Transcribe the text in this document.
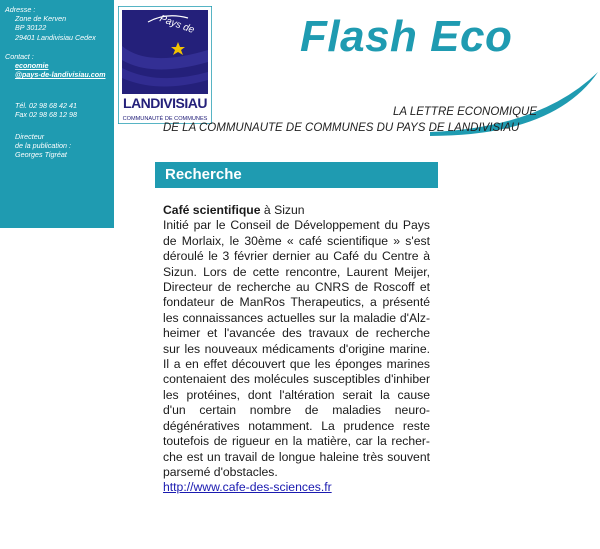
Adresse :
Zone de Kerven
BP 30122
29401 Landivisiau Cedex
Contact :
economie
@pays-de-landivisiau.com
Tél. 02 98 68 42 41
Fax 02 98 68 12 98
Directeur
de la publication :
Georges Tigréat
Pays de
LANDIVISIAU
COMMUNAUTÉ DE COMMUNES
Flash Eco
LA LETTRE ECONOMIQUE
DE LA COMMUNAUTE DE COMMUNES DU PAYS DE LANDIVISIAU
Recherche
Café scientifique à Sizun
Initié par le Conseil de Développement du Pays
de Morlaix, le 30ème « café scientifique » s'est
déroulé le 3 février dernier au Café du Centre à
Sizun. Lors de cette rencontre, Laurent Meijer,
Directeur de recherche au CNRS de Roscoff et
fondateur de ManRos Therapeutics, a présenté
les connaissances actuelles sur la maladie d'Alz-
heimer et l'avancée des travaux de recherche
sur les nouveaux médicaments d'origine marine.
Il a en effet découvert que les éponges marines
contenaient des molécules susceptibles d'inhiber
les protéines, dont l'altération serait la cause
d'un certain nombre de maladies neuro-
dégénératives notamment. La prudence reste
toutefois de rigueur en la matière, car la recher-
che est un travail de longue haleine très souvent
parsemé d'obstacles.
http://www.cafe-des-sciences.fr
